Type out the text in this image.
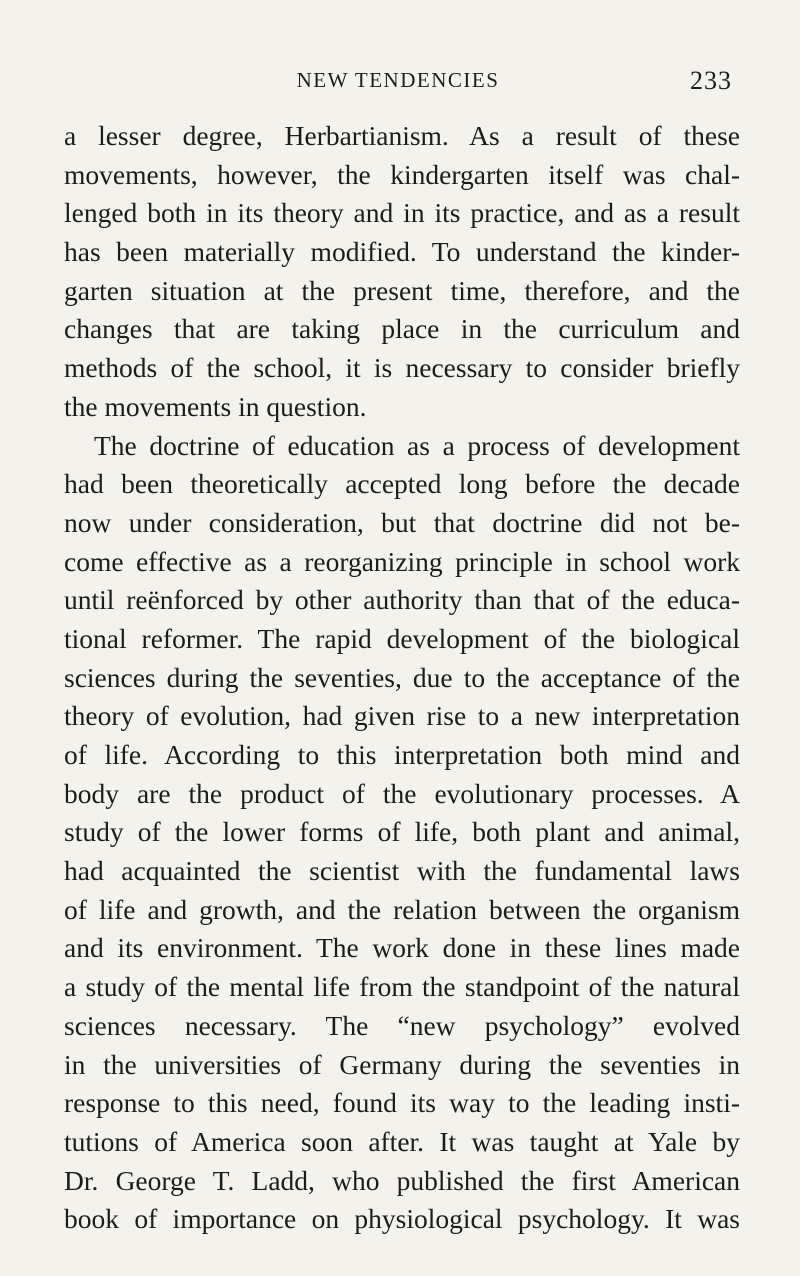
NEW TENDENCIES	233
a lesser degree, Herbartianism. As a result of these
movements, however, the kindergarten itself was chal-
lenged both in its theory and in its practice, and as a result
has been materially modified. To understand the kinder-
garten situation at the present time, therefore, and the
changes that are taking place in the curriculum and
methods of the school, it is necessary to consider briefly
the movements in question.
The doctrine of education as a process of development
had been theoretically accepted long before the decade
now under consideration, but that doctrine did not be-
come effective as a reorganizing principle in school work
until reënforced by other authority than that of the educa-
tional reformer. The rapid development of the biological
sciences during the seventies, due to the acceptance of the
theory of evolution, had given rise to a new interpretation
of life. According to this interpretation both mind and
body are the product of the evolutionary processes. A
study of the lower forms of life, both plant and animal,
had acquainted the scientist with the fundamental laws
of life and growth, and the relation between the organism
and its environment. The work done in these lines made
a study of the mental life from the standpoint of the natural
sciences necessary. The “new psychology” evolved
in the universities of Germany during the seventies in
response to this need, found its way to the leading insti-
tutions of America soon after. It was taught at Yale by
Dr. George T. Ladd, who published the first American
book of importance on physiological psychology. It was
